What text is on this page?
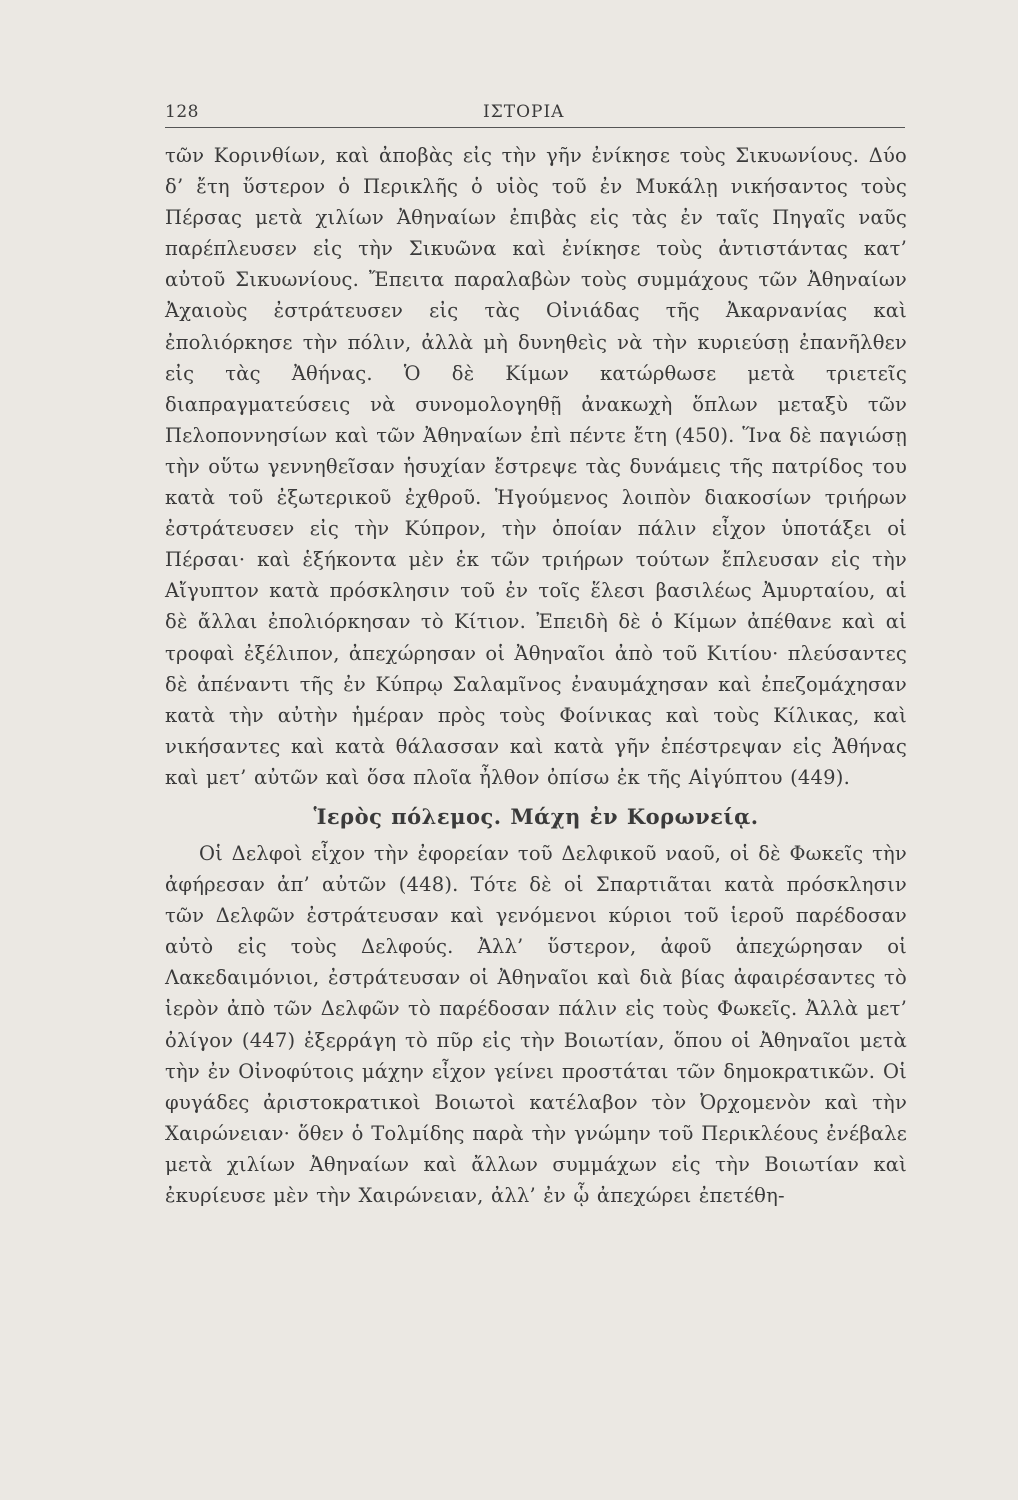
128	ΙΣΤΟΡΙΑ

τῶν Κορινθίων, καὶ ἀποβὰς εἰς τὴν γῆν ἐνίκησε τοὺς Σικυωνίους. Δύο δ’ ἔτη ὕστερον ὁ Περικλῆς ὁ υἱὸς τοῦ ἐν Μυκάλῃ νικήσαντος τοὺς Πέρσας μετὰ χιλίων Ἀθηναίων ἐπιβὰς εἰς τὰς ἐν ταῖς Πηγαῖς ναῦς παρέπλευσεν εἰς τὴν Σικυῶνα καὶ ἐνίκησε τοὺς ἀντιστάντας κατ’ αὐτοῦ Σικυωνίους. Ἔπειτα παραλαβὼν τοὺς συμμάχους τῶν Ἀθηναίων Ἀχαιοὺς ἐστράτευσεν εἰς τὰς Οἰνιάδας τῆς Ἀκαρνανίας καὶ ἐπολιόρκησε τὴν πόλιν, ἀλλὰ μὴ δυνηθεὶς νὰ τὴν κυριεύσῃ ἐπανῆλθεν εἰς τὰς Ἀθήνας. Ὁ δὲ Κίμων κατώρθωσε μετὰ τριετεῖς διαπραγματεύσεις νὰ συνομολογηθῇ ἀνακωχὴ ὅπλων μεταξὺ τῶν Πελοποννησίων καὶ τῶν Ἀθηναίων ἐπὶ πέντε ἔτη (450). Ἵνα δὲ παγιώσῃ τὴν οὕτω γεννηθεῖσαν ἡσυχίαν ἔστρεψε τὰς δυνάμεις τῆς πατρίδος του κατὰ τοῦ ἐξωτερικοῦ ἐχθροῦ. Ἡγούμενος λοιπὸν διακοσίων τριήρων ἐστράτευσεν εἰς τὴν Κύπρον, τὴν ὁποίαν πάλιν εἶχον ὑποτάξει οἱ Πέρσαι· καὶ ἑξήκοντα μὲν ἐκ τῶν τριήρων τούτων ἔπλευσαν εἰς τὴν Αἴγυπτον κατὰ πρόσκλησιν τοῦ ἐν τοῖς ἕλεσι βασιλέως Ἀμυρταίου, αἱ δὲ ἄλλαι ἐπολιόρκησαν τὸ Κίτιον. Ἐπειδὴ δὲ ὁ Κίμων ἀπέθανε καὶ αἱ τροφαὶ ἐξέλιπον, ἀπεχώρησαν οἱ Ἀθηναῖοι ἀπὸ τοῦ Κιτίου· πλεύσαντες δὲ ἀπέναντι τῆς ἐν Κύπρῳ Σαλαμῖνος ἐναυμάχησαν καὶ ἐπεζομάχησαν κατὰ τὴν αὐτὴν ἡμέραν πρὸς τοὺς Φοίνικας καὶ τοὺς Κίλικας, καὶ νικήσαντες καὶ κατὰ θάλασσαν καὶ κατὰ γῆν ἐπέστρεψαν εἰς Ἀθήνας καὶ μετ’ αὐτῶν καὶ ὅσα πλοῖα ἦλθον ὀπίσω ἐκ τῆς Αἰγύπτου (449).

Ἱερὸς πόλεμος. Μάχη ἐν Κορωνείᾳ.

Οἱ Δελφοὶ εἶχον τὴν ἐφορείαν τοῦ Δελφικοῦ ναοῦ, οἱ δὲ Φωκεῖς τὴν ἀφήρεσαν ἀπ’ αὐτῶν (448). Τότε δὲ οἱ Σπαρτιᾶται κατὰ πρόσκλησιν τῶν Δελφῶν ἐστράτευσαν καὶ γενόμενοι κύριοι τοῦ ἱεροῦ παρέδοσαν αὐτὸ εἰς τοὺς Δελφούς. Ἀλλ’ ὕστερον, ἀφοῦ ἀπεχώρησαν οἱ Λακεδαιμόνιοι, ἐστράτευσαν οἱ Ἀθηναῖοι καὶ διὰ βίας ἀφαιρέσαντες τὸ ἱερὸν ἀπὸ τῶν Δελφῶν τὸ παρέδοσαν πάλιν εἰς τοὺς Φωκεῖς. Ἀλλὰ μετ’ ὀλίγον (447) ἐξερράγη τὸ πῦρ εἰς τὴν Βοιωτίαν, ὅπου οἱ Ἀθηναῖοι μετὰ τὴν ἐν Οἰνοφύτοις μάχην εἶχον γείνει προστάται τῶν δημοκρατικῶν. Οἱ φυγάδες ἀριστοκρατικοὶ Βοιωτοὶ κατέλαβον τὸν Ὀρχομενὸν καὶ τὴν Χαιρώνειαν· ὅθεν ὁ Τολμίδης παρὰ τὴν γνώμην τοῦ Περικλέους ἐνέβαλε μετὰ χιλίων Ἀθηναίων καὶ ἄλλων συμμάχων εἰς τὴν Βοιωτίαν καὶ ἐκυρίευσε μὲν τὴν Χαιρώνειαν, ἀλλ’ ἐν ᾧ ἀπεχώρει ἐπετέθη-
